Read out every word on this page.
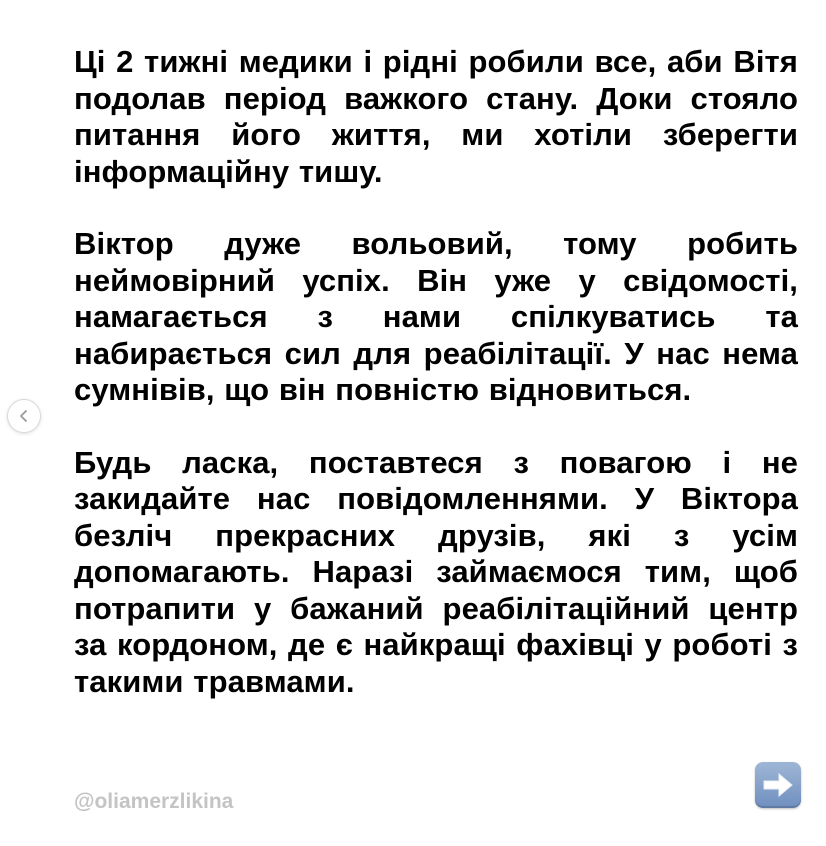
Ці 2 тижні медики і рідні робили все, аби Вітя подолав період важкого стану. Доки стояло питання його життя, ми хотіли зберегти інформаційну тишу.

Віктор дуже вольовий, тому робить неймовірний успіх. Він уже у свідомості, намагається з нами спілкуватись та набирається сил для реабілітації. У нас нема сумнівів, що він повністю відновиться.

Будь ласка, поставтеся з повагою і не закидайте нас повідомленнями. У Віктора безліч прекрасних друзів, які з усім допомагають. Наразі займаємося тим, щоб потрапити у бажаний реабілітаційний центр за кордоном, де є найкращі фахівці у роботі з такими травмами.

@oliamerzlikina
